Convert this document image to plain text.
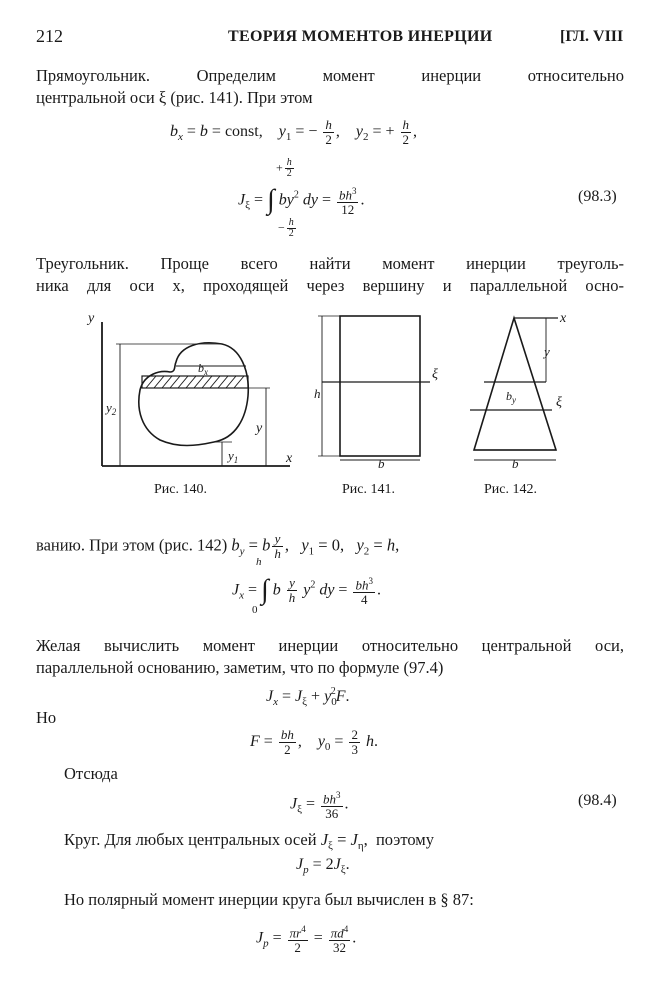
212	ТЕОРИЯ МОМЕНТОВ ИНЕРЦИИ	[ГЛ. VIII
Прямоугольник. Определим момент инерции относительно
центральной оси ξ (рис. 141). При этом
$b_x = b$ = const,    $y_1$ = − $\frac{h}{2}$ ,    $y_2$ = + $\frac{h}{2}$ ,
+ $\frac{h}{2}$
$J_\xi$ = ∫ $by^2$ dy = $\frac{bh^3}{12}$ .
− $\frac{h}{2}$
(98.3)
Треугольник. Проще всего найти момент инерции треуголь-
ника для оси x, проходящей через вершину и параллельной осно-
y
x
$b_x$
$y_2$
y
$y_1$
ξ
h
b
x
y
$b_y$	ξ
b
Рис. 140.	Рис. 141.	Рис. 142.
ванию. При этом (рис. 142) $b_y = b \frac{y}{h}$ ,   $y_1 = 0$,   $y_2 = h$,
h
$J_x$ = ∫ b $\frac{y}{h} y^2$ dy = $\frac{bh^3}{4}$ .
0
Желая вычислить момент инерции относительно центральной оси,
параллельной основанию, заметим, что по формуле (97.4)
$J_x = J_\xi + y_0^2F$.
Но
$F = \frac{bh}{2}$ ,    $y_0 = \frac{2}{3} h$.
Отсюда
$J_\xi = \frac{bh^3}{36}$ .	(98.4)
Круг. Для любых центральных осей $J_\xi = J_\eta$,  поэтому
$J_p = 2J_\xi$.
Но полярный момент инерции круга был вычислен в § 87:
$J_p = \frac{\pi r^4}{2} = \frac{\pi d^4}{32}$ .
